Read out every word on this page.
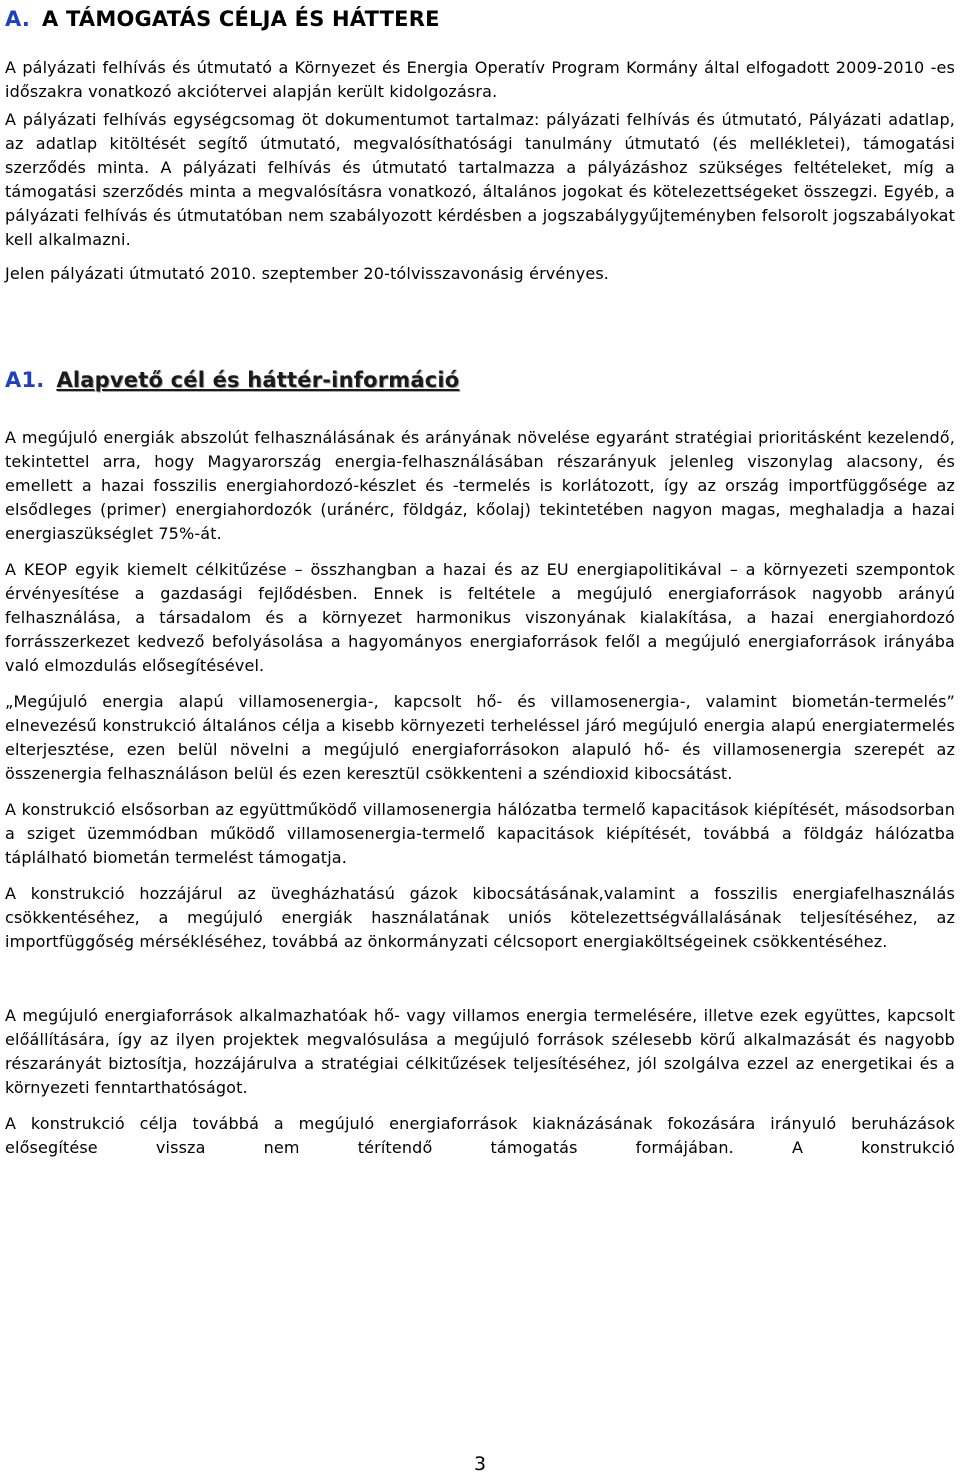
A. A TÁMOGATÁS CÉLJA ÉS HÁTTERE

A pályázati felhívás és útmutató a Környezet és Energia Operatív Program Kormány által elfogadott 2009-2010 -es időszakra vonatkozó akciótervei alapján került kidolgozásra.

A pályázati felhívás egységcsomag öt dokumentumot tartalmaz: pályázati felhívás és útmutató, Pályázati adatlap, az adatlap kitöltését segítő útmutató, megvalósíthatósági tanulmány útmutató (és mellékletei), támogatási szerződés minta. A pályázati felhívás és útmutató tartalmazza a pályázáshoz szükséges feltételeket, míg a támogatási szerződés minta a megvalósításra vonatkozó, általános jogokat és kötelezettségeket összegzi. Egyéb, a pályázati felhívás és útmutatóban nem szabályozott kérdésben a jogszabálygyűjteményben felsorolt jogszabályokat kell alkalmazni.

Jelen pályázati útmutató 2010. szeptember 20-tólvisszavonásig érvényes.

A1. Alapvető cél és háttér-információ

A megújuló energiák abszolút felhasználásának és arányának növelése egyaránt stratégiai prioritásként kezelendő, tekintettel arra, hogy Magyarország energia-felhasználásában részarányuk jelenleg viszonylag alacsony, és emellett a hazai fosszilis energiahordozó-készlet és -termelés is korlátozott, így az ország importfüggősége az elsődleges (primer) energiahordozók (uránérc, földgáz, kőolaj) tekintetében nagyon magas, meghaladja a hazai energiaszükséglet 75%-át.

A KEOP egyik kiemelt célkitűzése – összhangban a hazai és az EU energiapolitikával – a környezeti szempontok érvényesítése a gazdasági fejlődésben. Ennek is feltétele a megújuló energiaforrások nagyobb arányú felhasználása, a társadalom és a környezet harmonikus viszonyának kialakítása, a hazai energiahordozó forrásszerkezet kedvező befolyásolása a hagyományos energiaforrások felől a megújuló energiaforrások irányába való elmozdulás elősegítésével.

„Megújuló energia alapú villamosenergia-, kapcsolt hő- és villamosenergia-, valamint biometán-termelés” elnevezésű konstrukció általános célja a kisebb környezeti terheléssel járó megújuló energia alapú energiatermelés elterjesztése, ezen belül növelni a megújuló energiaforrásokon alapuló hő- és villamosenergia szerepét az összenergia felhasználáson belül és ezen keresztül csökkenteni a széndioxid kibocsátást.

A konstrukció elsősorban az együttműködő villamosenergia hálózatba termelő kapacitások kiépítését, másodsorban a sziget üzemmódban működő villamosenergia-termelő kapacitások kiépítését, továbbá a földgáz hálózatba táplálható biometán termelést támogatja.

A konstrukció hozzájárul az üvegházhatású gázok kibocsátásának,valamint a fosszilis energiafelhasználás csökkentéséhez, a megújuló energiák használatának uniós kötelezettségvállalásának teljesítéséhez, az importfüggőség mérsékléséhez, továbbá az önkormányzati célcsoport energiaköltségeinek csökkentéséhez.

A megújuló energiaforrások alkalmazhatóak hő- vagy villamos energia termelésére, illetve ezek együttes, kapcsolt előállítására, így az ilyen projektek megvalósulása a megújuló források szélesebb körű alkalmazását és nagyobb részarányát biztosítja, hozzájárulva a stratégiai célkitűzések teljesítéséhez, jól szolgálva ezzel az energetikai és a környezeti fenntarthatóságot.

A konstrukció célja továbbá a megújuló energiaforrások kiaknázásának fokozására irányuló beruházások elősegítése vissza nem térítendő támogatás formájában. A konstrukció

3
